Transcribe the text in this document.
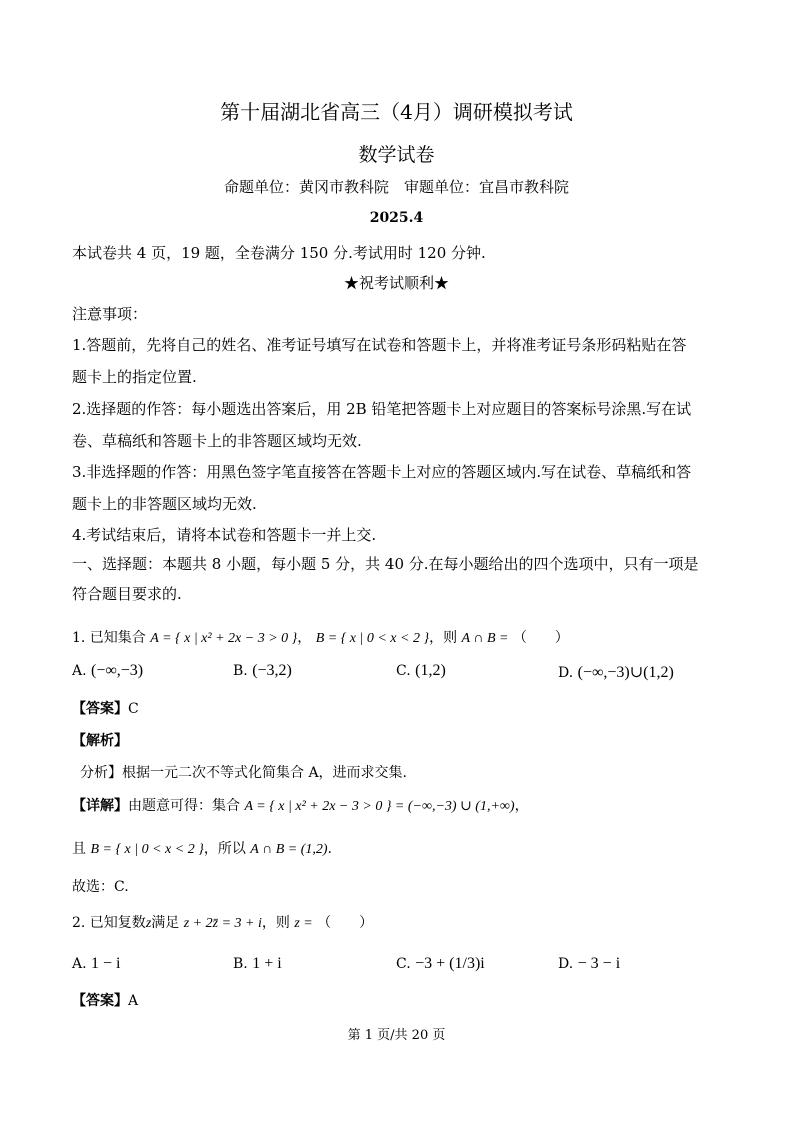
第十届湖北省高三（4月）调研模拟考试
数学试卷
命题单位：黄冈市教科院　审题单位：宜昌市教科院
2025.4
本试卷共 4 页，19 题，全卷满分 150 分.考试用时 120 分钟.
★祝考试顺利★
注意事项：
1.答题前，先将自己的姓名、准考证号填写在试卷和答题卡上，并将准考证号条形码粘贴在答
题卡上的指定位置.
2.选择题的作答：每小题选出答案后，用 2B 铅笔把答题卡上对应题目的答案标号涂黑.写在试
卷、草稿纸和答题卡上的非答题区域均无效.
3.非选择题的作答：用黑色签字笔直接答在答题卡上对应的答题区域内.写在试卷、草稿纸和答
题卡上的非答题区域均无效.
4.考试结束后，请将本试卷和答题卡一并上交.
一、选择题：本题共 8 小题，每小题 5 分，共 40 分.在每小题给出的四个选项中，只有一项是
符合题目要求的.
1. 已知集合 A = { x | x² + 2x − 3 > 0 }， B = { x | 0 < x < 2 }，则 A ∩ B = （　　）
A. (−∞,−3)	B. (−3,2)	C. (1,2)	D. (−∞,−3)∪(1,2)
【答案】C
【解析】
分析】根据一元二次不等式化简集合 A，进而求交集.
【详解】由题意可得：集合 A = { x | x² + 2x − 3 > 0 } = (−∞,−3) ∪ (1,+∞)，
且 B = { x | 0 < x < 2 }，所以 A ∩ B = (1,2).
故选：C.
2. 已知复数z满足 z + 2z̄ = 3 + i，则 z = （　　）
A. 1 − i	B. 1 + i	C. −3 + (1/3)i	D. − 3 − i
【答案】A
第 1 页/共 20 页
